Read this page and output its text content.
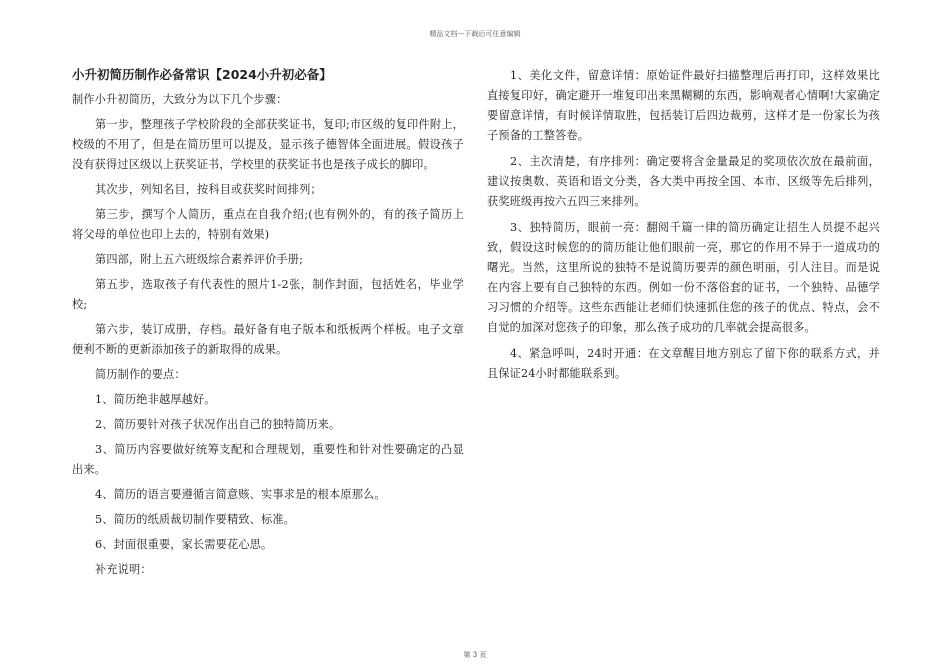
精品文档---下载后可任意编辑
小升初简历制作必备常识【2024小升初必备】

制作小升初简历，大致分为以下几个步骤：

第一步，整理孩子学校阶段的全部获奖证书，复印;市区级的复印件附上，校级的不用了，但是在简历里可以提及，显示孩子德智体全面进展。假设孩子没有获得过区级以上获奖证书，学校里的获奖证书也是孩子成长的脚印。

其次步，列知名目，按科目或获奖时间排列；

第三步，撰写个人简历，重点在自我介绍;(也有例外的，有的孩子简历上将父母的单位也印上去的，特别有效果)

第四部，附上五六班级综合素养评价手册;

第五步，选取孩子有代表性的照片1-2张，制作封面，包括姓名，毕业学校;

第六步，装订成册，存档。最好备有电子版本和纸板两个样板。电子文章便利不断的更新添加孩子的新取得的成果。

简历制作的要点：

1、简历绝非越厚越好。

2、简历要针对孩子状况作出自己的独特简历来。

3、简历内容要做好统筹支配和合理规划，重要性和针对性要确定的凸显出来。

4、简历的语言要遵循言简意赅、实事求是的根本原那么。

5、简历的纸质裁切制作要精致、标准。

6、封面很重要，家长需要花心思。

补充说明：

1、美化文件，留意详情：原始证件最好扫描整理后再打印，这样效果比直接复印好，确定避开一堆复印出来黑糊糊的东西，影响观者心情啊!大家确定要留意详情，有时候详情取胜，包括装订后四边裁剪，这样才是一份家长为孩子预备的工整答卷。

2、主次清楚，有序排列：确定要将含金量最足的奖项依次放在最前面，建议按奥数、英语和语文分类，各大类中再按全国、本市、区级等先后排列，获奖班级再按六五四三来排列。

3、独特简历，眼前一亮：翻阅千篇一律的简历确定让招生人员提不起兴致，假设这时候您的的简历能让他们眼前一亮，那它的作用不异于一道成功的曙光。当然，这里所说的独特不是说简历要弄的颜色明丽，引人注目。而是说在内容上要有自己独特的东西。例如一份不落俗套的证书，一个独特、品德学习习惯的介绍等。这些东西能让老师们快速抓住您的孩子的优点、特点，会不自觉的加深对您孩子的印象，那么孩子成功的几率就会提高很多。

4、紧急呼叫，24时开通：在文章醒目地方别忘了留下你的联系方式，并且保证24小时都能联系到。

第 3 页
